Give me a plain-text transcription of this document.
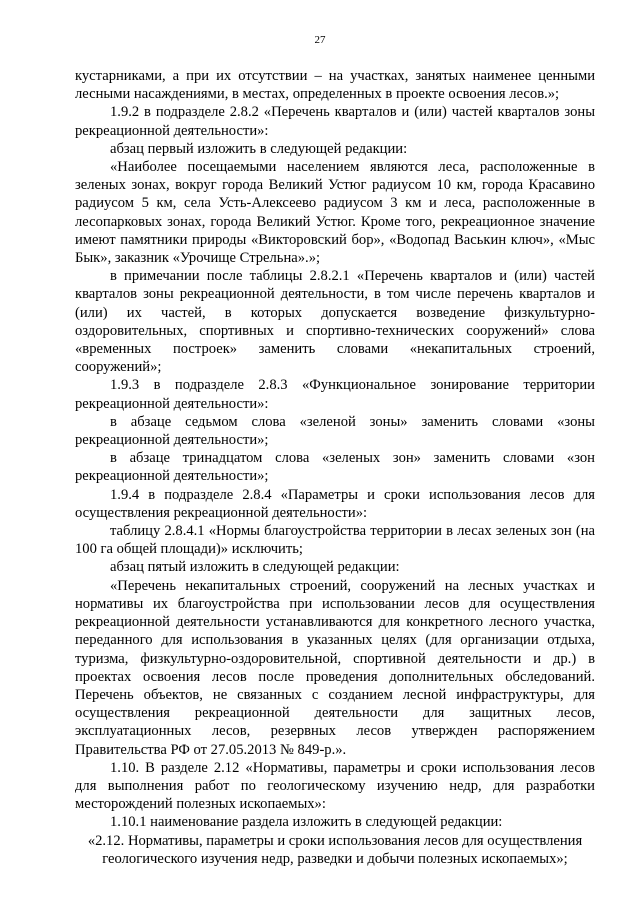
27

кустарниками, а при их отсутствии – на участках, занятых наименее ценными лесными насаждениями, в местах, определенных в проекте освоения лесов.»;

1.9.2 в подразделе 2.8.2 «Перечень кварталов и (или) частей кварталов зоны рекреационной деятельности»:

абзац первый изложить в следующей редакции:

«Наиболее посещаемыми населением являются леса, расположенные в зеленых зонах, вокруг города Великий Устюг радиусом 10 км, города Красавино радиусом 5 км, села Усть-Алексеево радиусом 3 км и леса, расположенные в лесопарковых зонах, города Великий Устюг. Кроме того, рекреационное значение имеют памятники природы «Викторовский бор», «Водопад Васькин ключ», «Мыс Бык», заказник «Урочище Стрельна».»;

в примечании после таблицы 2.8.2.1 «Перечень кварталов и (или) частей кварталов зоны рекреационной деятельности, в том числе перечень кварталов и (или) их частей, в которых допускается возведение физкультурно-оздоровительных, спортивных и спортивно-технических сооружений» слова «временных построек» заменить словами «некапитальных строений, сооружений»;

1.9.3 в подразделе 2.8.3 «Функциональное зонирование территории рекреационной деятельности»:

в абзаце седьмом слова «зеленой зоны» заменить словами «зоны рекреационной деятельности»;

в абзаце тринадцатом слова «зеленых зон» заменить словами «зон рекреационной деятельности»;

1.9.4 в подразделе 2.8.4 «Параметры и сроки использования лесов для осуществления рекреационной деятельности»:

таблицу 2.8.4.1 «Нормы благоустройства территории в лесах зеленых зон (на 100 га общей площади)» исключить;

абзац пятый изложить в следующей редакции:

«Перечень некапитальных строений, сооружений на лесных участках и нормативы их благоустройства при использовании лесов для осуществления рекреационной деятельности устанавливаются для конкретного лесного участка, переданного для использования в указанных целях (для организации отдыха, туризма, физкультурно-оздоровительной, спортивной деятельности и др.) в проектах освоения лесов после проведения дополнительных обследований. Перечень объектов, не связанных с созданием лесной инфраструктуры, для осуществления рекреационной деятельности для защитных лесов, эксплуатационных лесов, резервных лесов утвержден распоряжением Правительства РФ от 27.05.2013 № 849-р.».

1.10. В разделе 2.12 «Нормативы, параметры и сроки использования лесов для выполнения работ по геологическому изучению недр, для разработки месторождений полезных ископаемых»:

1.10.1 наименование раздела изложить в следующей редакции:

«2.12. Нормативы, параметры и сроки использования лесов для осуществления геологического изучения недр, разведки и добычи полезных ископаемых»;
